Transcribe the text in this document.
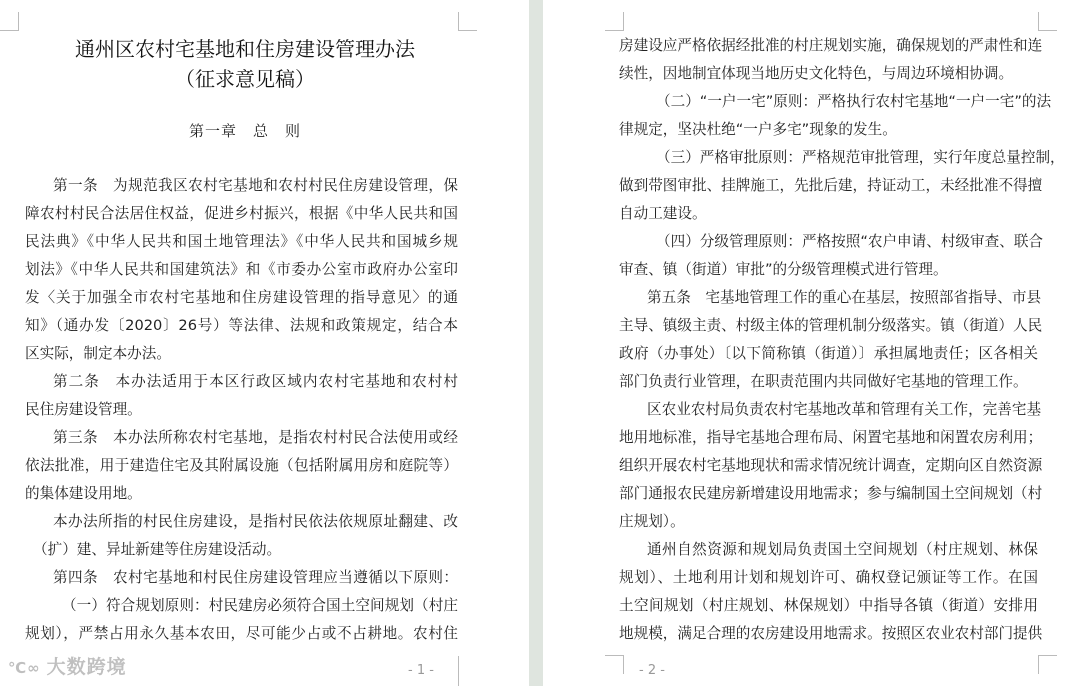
通州区农村宅基地和住房建设管理办法
（征求意见稿）
第一章　总　则
第一条　为规范我区农村宅基地和农村村民住房建设管理，保
障农村村民合法居住权益，促进乡村振兴，根据《中华人民共和国
民法典》《中华人民共和国土地管理法》《中华人民共和国城乡规
划法》《中华人民共和国建筑法》和《市委办公室市政府办公室印
发〈关于加强全市农村宅基地和住房建设管理的指导意见〉的通
知》（通办发〔2020〕26号）等法律、法规和政策规定，结合本
区实际，制定本办法。
第二条　本办法适用于本区行政区域内农村宅基地和农村村
民住房建设管理。
第三条　本办法所称农村宅基地，是指农村村民合法使用或经
依法批准，用于建造住宅及其附属设施（包括附属用房和庭院等）
的集体建设用地。
本办法所指的村民住房建设，是指村民依法依规原址翻建、改
（扩）建、异址新建等住房建设活动。
第四条　农村宅基地和村民住房建设管理应当遵循以下原则：
（一）符合规划原则：村民建房必须符合国土空间规划（村庄
规划），严禁占用永久基本农田，尽可能少占或不占耕地。农村住
- 1 -
℃∞ 大数跨境
房建设应严格依据经批准的村庄规划实施，确保规划的严肃性和连
续性，因地制宜体现当地历史文化特色，与周边环境相协调。
（二）“一户一宅”原则：严格执行农村宅基地“一户一宅”的法
律规定，坚决杜绝“一户多宅”现象的发生。
（三）严格审批原则：严格规范审批管理，实行年度总量控制，
做到带图审批、挂牌施工，先批后建，持证动工，未经批准不得擅
自动工建设。
（四）分级管理原则：严格按照“农户申请、村级审查、联合
审查、镇（街道）审批”的分级管理模式进行管理。
第五条　宅基地管理工作的重心在基层，按照部省指导、市县
主导、镇级主责、村级主体的管理机制分级落实。镇（街道）人民
政府（办事处）〔以下简称镇（街道）〕承担属地责任；区各相关
部门负责行业管理，在职责范围内共同做好宅基地的管理工作。
区农业农村局负责农村宅基地改革和管理有关工作，完善宅基
地用地标准，指导宅基地合理布局、闲置宅基地和闲置农房利用；
组织开展农村宅基地现状和需求情况统计调查，定期向区自然资源
部门通报农民建房新增建设用地需求；参与编制国土空间规划（村
庄规划）。
通州自然资源和规划局负责国土空间规划（村庄规划、林保
规划）、土地利用计划和规划许可、确权登记颁证等工作。在国
土空间规划（村庄规划、林保规划）中指导各镇（街道）安排用
地规模，满足合理的农房建设用地需求。按照区农业农村部门提供
- 2 -
